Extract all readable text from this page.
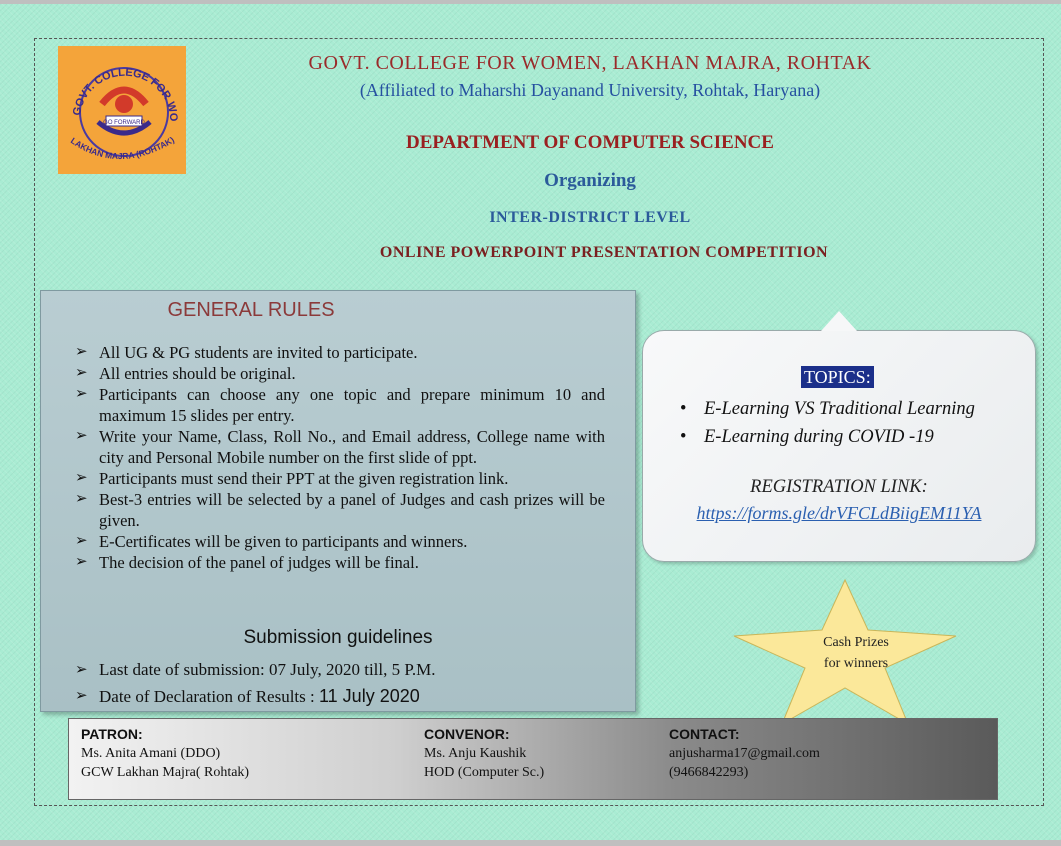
GOVT. COLLEGE FOR WO
GO FORWARD
LAKHAN MAJRA (ROHTAK)
GOVT. COLLEGE FOR WOMEN, LAKHAN MAJRA, ROHTAK
(Affiliated to Maharshi Dayanand University, Rohtak, Haryana)
DEPARTMENT OF COMPUTER SCIENCE
Organizing
INTER-DISTRICT LEVEL
ONLINE POWERPOINT PRESENTATION COMPETITION
GENERAL RULES
➢ All UG & PG students are invited to participate.
➢ All entries should be original.
➢ Participants can choose any one topic and prepare minimum 10 and maximum 15 slides per entry.
➢ Write your Name, Class, Roll No., and Email address, College name with city and Personal Mobile number on the first slide of ppt.
➢ Participants must send their PPT at the given registration link.
➢ Best-3 entries will be selected by a panel of Judges and cash prizes will be given.
➢ E-Certificates will be given to participants and winners.
➢ The decision of the panel of judges will be final.
Submission guidelines
➢ Last date of submission: 07 July, 2020 till, 5 P.M.
➢ Date of Declaration of Results : 11 July 2020
TOPICS:
• E-Learning VS Traditional Learning
• E-Learning during COVID -19
REGISTRATION LINK:
https://forms.gle/drVFCLdBiigEM11YA
Cash Prizes
for winners
PATRON:
Ms. Anita Amani (DDO)
GCW Lakhan Majra( Rohtak)
CONVENOR:
Ms. Anju Kaushik
HOD (Computer Sc.)
CONTACT:
anjusharma17@gmail.com
(9466842293)
